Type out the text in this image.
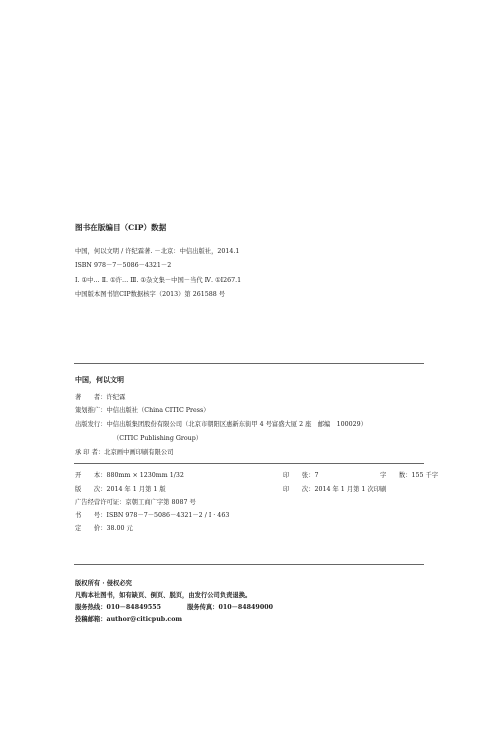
图书在版编目（CIP）数据
中国，何以文明 / 许纪霖著. －北京：中信出版社，2014.1
ISBN 978－7－5086－4321－2
Ⅰ. ①中… Ⅱ. ①许… Ⅲ. ①杂文集－中国－当代 Ⅳ. ①I267.1
中国版本图书馆CIP数据核字（2013）第 261588 号
中国，何以文明
著　　者：许纪霖
策划推广：中信出版社（China CITIC Press）
出版发行：中信出版集团股份有限公司（北京市朝阳区惠新东街甲 4 号富盛大厦 2 座　邮编　100029）
（CITIC Publishing Group）
承 印 者：北京画中画印刷有限公司
开　　本：880mm × 1230mm 1/32	印　　张：7	字　　数：155 千字
版　　次：2014 年 1 月第 1 版	印　　次：2014 年 1 月第 1 次印刷
广告经营许可证：京朝工商广字第 8087 号
书　　号：ISBN 978－7－5086－4321－2 / I · 463
定　　价：38.00 元
版权所有 · 侵权必究
凡购本社图书，如有缺页、倒页、脱页，由发行公司负责退换。
服务热线：010－84849555	服务传真：010－84849000
投稿邮箱：author@citicpub.com
